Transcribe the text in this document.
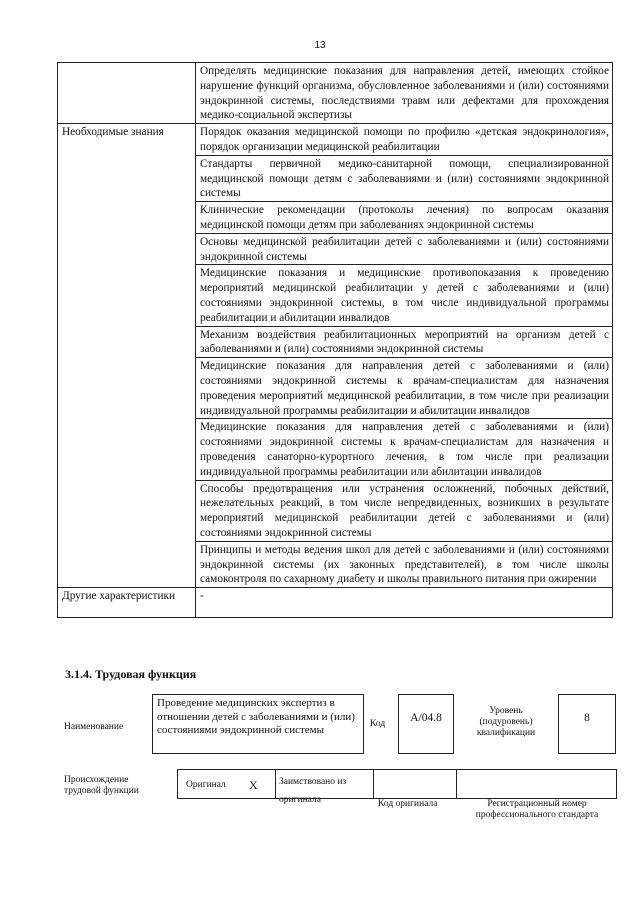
13
	Определять медицинские показания для направления детей, имеющих стойкое нарушение функций организма, обусловленное заболеваниями и (или) состояниями эндокринной системы, последствиями травм или дефектами для прохождения медико-социальной экспертизы
Необходимые знания	Порядок оказания медицинской помощи по профилю «детская эндокринология», порядок организации медицинской реабилитации
	Стандарты первичной медико-санитарной помощи, специализированной медицинской помощи детям с заболеваниями и (или) состояниями эндокринной системы
	Клинические рекомендации (протоколы лечения) по вопросам оказания медицинской помощи детям при заболеваниях эндокринной системы
	Основы медицинской реабилитации детей с заболеваниями и (или) состояниями эндокринной системы
	Медицинские показания и медицинские противопоказания к проведению мероприятий медицинской реабилитации у детей с заболеваниями и (или) состояниями эндокринной системы, в том числе индивидуальной программы реабилитации и абилитации инвалидов
	Механизм воздействия реабилитационных мероприятий на организм детей с заболеваниями и (или) состояниями эндокринной системы
	Медицинские показания для направления детей с заболеваниями и (или) состояниями эндокринной системы к врачам-специалистам для назначения проведения мероприятий медицинской реабилитации, в том числе при реализации индивидуальной программы реабилитации и абилитации инвалидов
	Медицинские показания для направления детей с заболеваниями и (или) состояниями эндокринной системы к врачам-специалистам для назначения и проведения санаторно-курортного лечения, в том числе при реализации индивидуальной программы реабилитации или абилитации инвалидов
	Способы предотвращения или устранения осложнений, побочных действий, нежелательных реакций, в том числе непредвиденных, возникших в результате мероприятий медицинской реабилитации детей с заболеваниями и (или) состояниями эндокринной системы
	Принципы и методы ведения школ для детей с заболеваниями и (или) состояниями эндокринной системы (их законных представителей), в том числе школы самоконтроля по сахарному диабету и школы правильного питания при ожирении
Другие характеристики	-
3.1.4. Трудовая функция
Наименование
Проведение медицинских экспертиз в отношении детей с заболеваниями и (или) состояниями эндокринной системы	Код	А/04.8
Уровень (подуровень) квалификации
8
Происхождение трудовой функции
Оригинал X	Заимствовано из оригинала	Код оригинала	Регистрационный номер профессионального стандарта
